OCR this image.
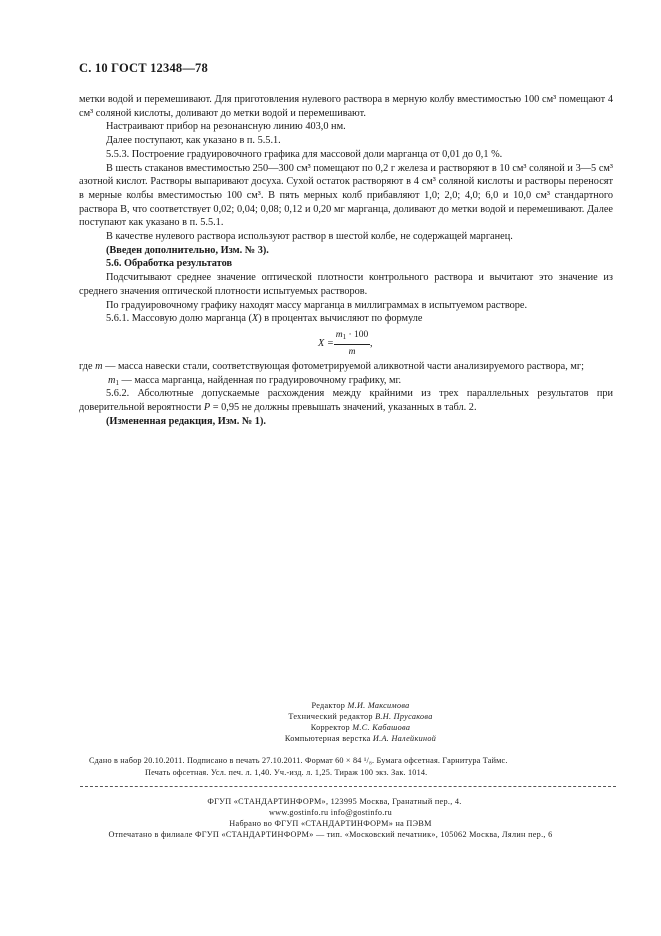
С. 10 ГОСТ 12348—78

метки водой и перемешивают. Для приготовления нулевого раствора в мерную колбу вместимостью 100 см³ помещают 4 см³ соляной кислоты, доливают до метки водой и перемешивают.

Настраивают прибор на резонансную линию 403,0 нм.

Далее поступают, как указано в п. 5.5.1.

5.5.3. Построение градуировочного графика для массовой доли марганца от 0,01 до 0,1 %.

В шесть стаканов вместимостью 250—300 см³ помещают по 0,2 г железа и растворяют в 10 см³ соляной и 3—5 см³ азотной кислот. Растворы выпаривают досуха. Сухой остаток растворяют в 4 см³ соляной кислоты и растворы переносят в мерные колбы вместимостью 100 см³. В пять мерных колб прибавляют 1,0; 2,0; 4,0; 6,0 и 10,0 см³ стандартного раствора В, что соответствует 0,02; 0,04; 0,08; 0,12 и 0,20 мг марганца, доливают до метки водой и перемешивают. Далее поступают как указано в п. 5.5.1.

В качестве нулевого раствора используют раствор в шестой колбе, не содержащей марганец.

(Введен дополнительно, Изм. № 3).

5.6. Обработка результатов

Подсчитывают среднее значение оптической плотности контрольного раствора и вычитают это значение из среднего значения оптической плотности испытуемых растворов.

По градуировочному графику находят массу марганца в миллиграммах в испытуемом растворе.

5.6.1. Массовую долю марганца (X) в процентах вычисляют по формуле

$X = \frac{m_1 \cdot 100}{m}$ ,

где m — масса навески стали, соответствующая фотометрируемой аликвотной части анализируемого раствора, мг;

$m_1$ — масса марганца, найденная по градуировочному графику, мг.

5.6.2. Абсолютные допускаемые расхождения между крайними из трех параллельных результатов при доверительной вероятности P = 0,95 не должны превышать значений, указанных в табл. 2.

(Измененная редакция, Изм. № 1).

Редактор М.И. Максимова
Технический редактор В.Н. Прусакова
Корректор М.С. Кабашова
Компьютерная верстка И.А. Налейкиной
Сдано в набор 20.10.2011. Подписано в печать 27.10.2011. Формат 60 × 84 ¹/₈. Бумага офсетная. Гарнитура Таймс.
Печать офсетная. Усл. печ. л. 1,40. Уч.-изд. л. 1,25. Тираж 100 экз. Зак. 1014.
ФГУП «СТАНДАРТИНФОРМ», 123995 Москва, Гранатный пер., 4.
www.gostinfo.ru info@gostinfo.ru
Набрано во ФГУП «СТАНДАРТИНФОРМ» на ПЭВМ
Отпечатано в филиале ФГУП «СТАНДАРТИНФОРМ» — тип. «Московский печатник», 105062 Москва, Лялин пер., 6
